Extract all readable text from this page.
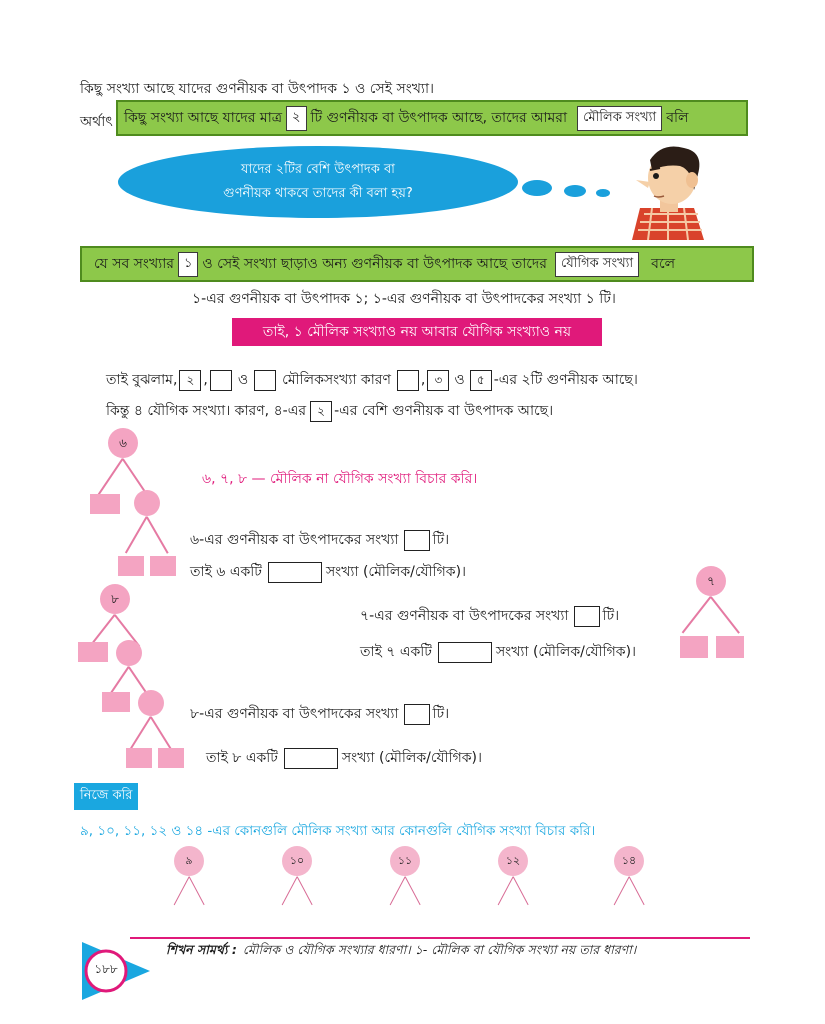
কিছু সংখ্যা আছে যাদের গুণনীয়ক বা উৎপাদক ১ ও সেই সংখ্যা।
অর্থাৎ কিছু সংখ্যা আছে যাদের মাত্র ২ টি গুণনীয়ক বা উৎপাদক আছে, তাদের আমরা	মৌলিক সংখ্যা বলি
যাদের ২টির বেশি উৎপাদক বা
গুণনীয়ক থাকবে তাদের কী বলা হয়?
যে সব সংখ্যার ১ ও সেই সংখ্যা ছাড়াও অন্য গুণনীয়ক বা উৎপাদক আছে তাদের	যৌগিক সংখ্যা	বলে
১-এর গুণনীয়ক বা উৎপাদক ১; ১-এর গুণনীয়ক বা উৎপাদকের সংখ্যা ১ টি।
তাই, ১ মৌলিক সংখ্যাও নয় আবার যৌগিক সংখ্যাও নয়
তাই বুঝলাম, ২ , ও মৌলিকসংখ্যা কারণ , ৩ ও	৫ -এর ২টি গুণনীয়ক আছে।
কিন্তু ৪ যৌগিক সংখ্যা। কারণ, ৪-এর ২ -এর বেশি গুণনীয়ক বা উৎপাদক আছে।
৬, ৭, ৮ — মৌলিক না যৌগিক সংখ্যা বিচার করি।
৬
৬-এর গুণনীয়ক বা উৎপাদকের সংখ্যা টি।
তাই ৬ একটি	সংখ্যা (মৌলিক/যৌগিক)।
৮
৭
৭-এর গুণনীয়ক বা উৎপাদকের সংখ্যা টি।
তাই ৭ একটি	সংখ্যা (মৌলিক/যৌগিক)।
৮-এর গুণনীয়ক বা উৎপাদকের সংখ্যা টি।
তাই ৮ একটি	সংখ্যা (মৌলিক/যৌগিক)।
নিজে করি
৯, ১০, ১১, ১২ ও ১৪ -এর কোনগুলি মৌলিক সংখ্যা আর কোনগুলি যৌগিক সংখ্যা বিচার করি।
৯	১০	১১	১২	১৪
শিখন সামর্থ্য : মৌলিক ও যৌগিক সংখ্যার ধারণা। ১- মৌলিক বা যৌগিক সংখ্যা নয় তার ধারণা।
১৮৮
